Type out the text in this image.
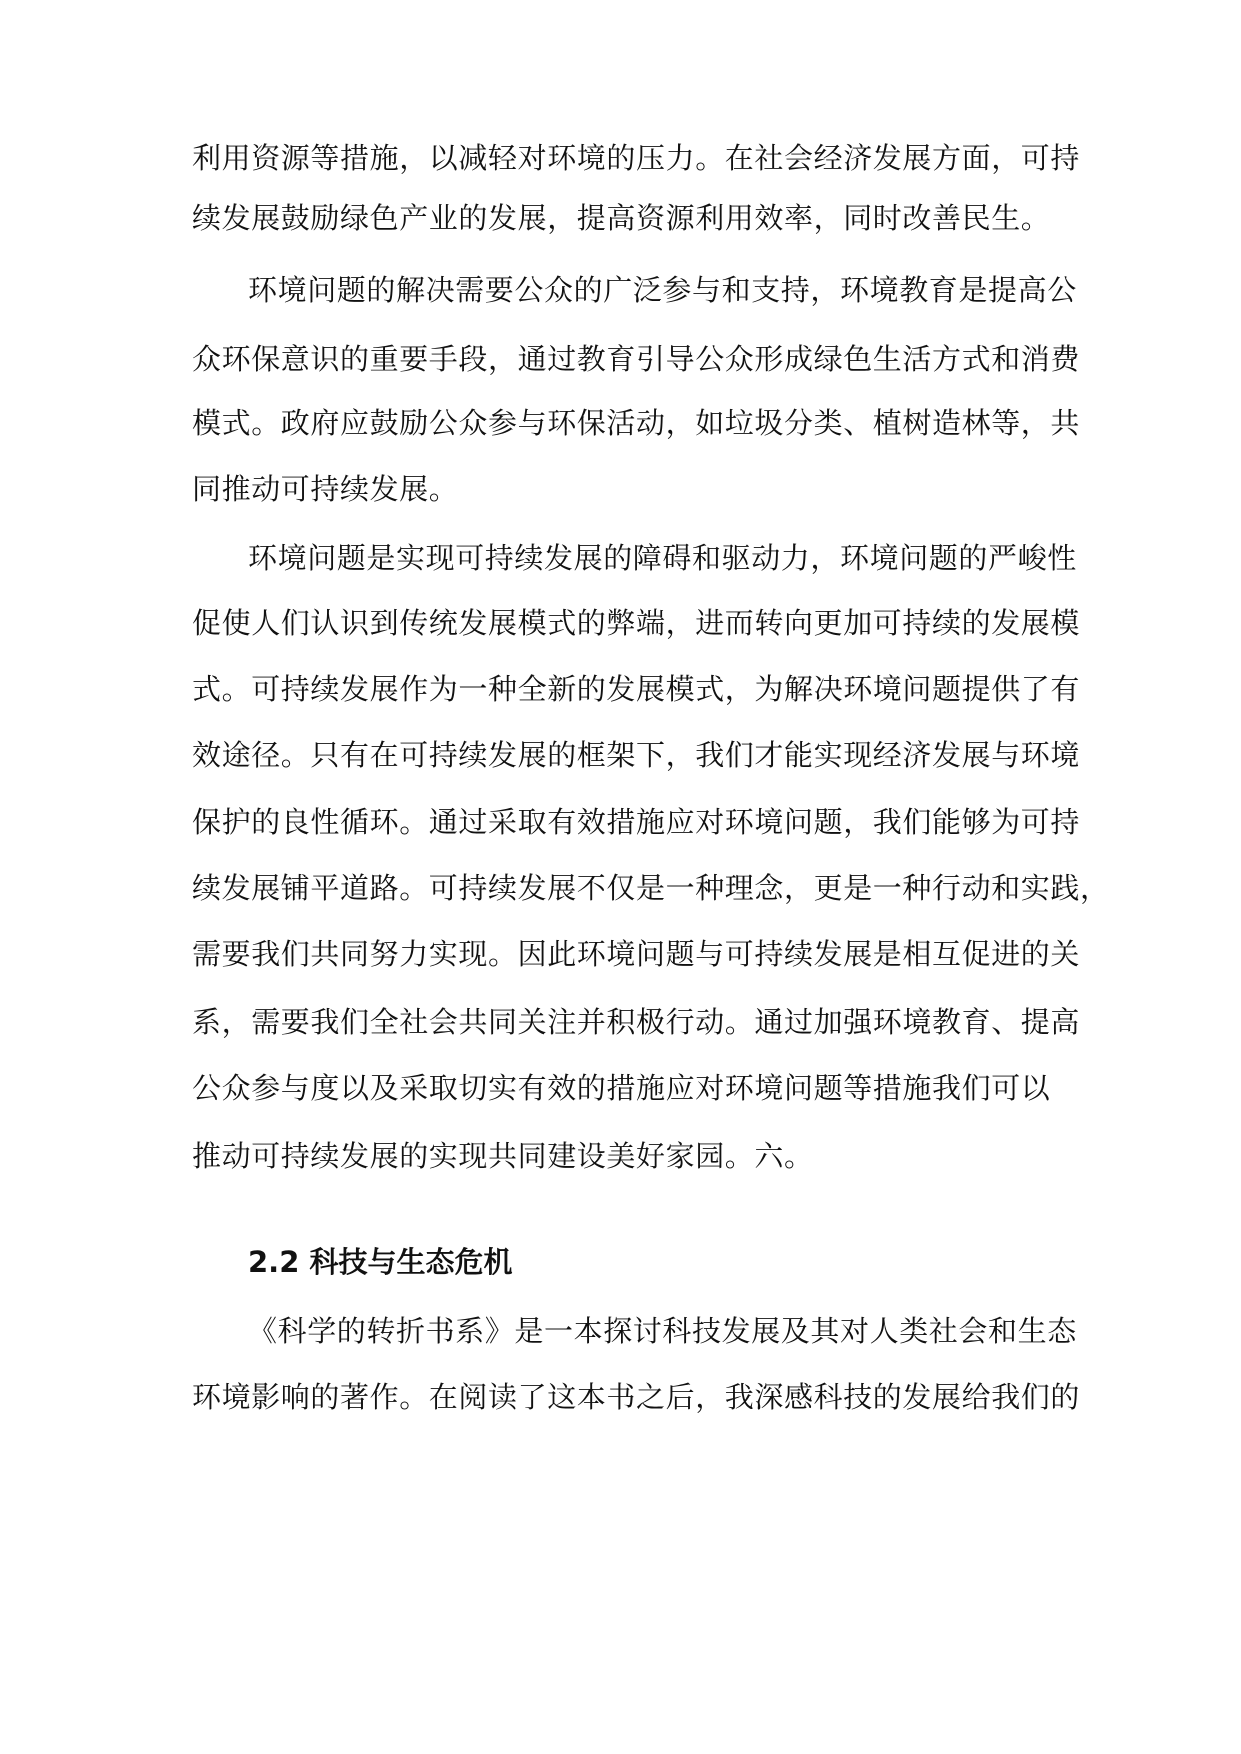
利用资源等措施，以减轻对环境的压力。在社会经济发展方面，可持

续发展鼓励绿色产业的发展，提高资源利用效率，同时改善民生。

环境问题的解决需要公众的广泛参与和支持，环境教育是提高公

众环保意识的重要手段，通过教育引导公众形成绿色生活方式和消费

模式。政府应鼓励公众参与环保活动，如垃圾分类、植树造林等，共

同推动可持续发展。

环境问题是实现可持续发展的障碍和驱动力，环境问题的严峻性

促使人们认识到传统发展模式的弊端，进而转向更加可持续的发展模

式。可持续发展作为一种全新的发展模式，为解决环境问题提供了有

效途径。只有在可持续发展的框架下，我们才能实现经济发展与环境

保护的良性循环。通过采取有效措施应对环境问题，我们能够为可持

续发展铺平道路。可持续发展不仅是一种理念，更是一种行动和实践，

需要我们共同努力实现。因此环境问题与可持续发展是相互促进的关

系，需要我们全社会共同关注并积极行动。通过加强环境教育、提高

公众参与度以及采取切实有效的措施应对环境问题等措施我们可以

推动可持续发展的实现共同建设美好家园。六。

2.2 科技与生态危机

《科学的转折书系》是一本探讨科技发展及其对人类社会和生态

环境影响的著作。在阅读了这本书之后，我深感科技的发展给我们的
